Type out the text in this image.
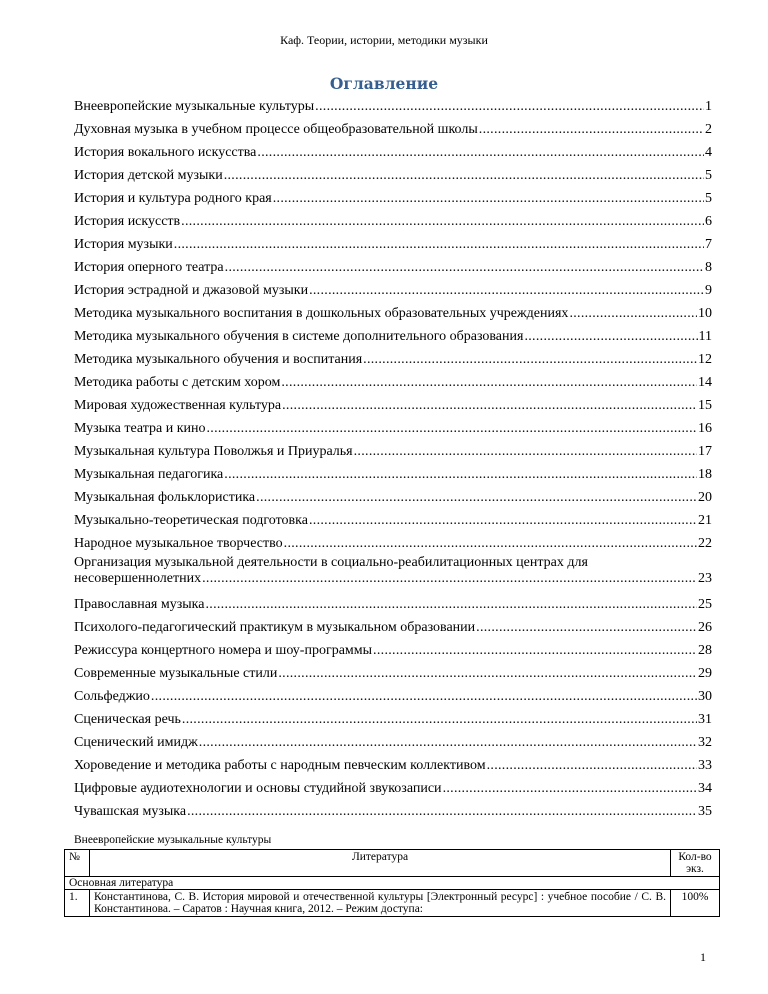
Каф. Теории, истории, методики музыки
Оглавление
Внеевропейские музыкальные культуры .....	1
Духовная музыка в учебном процессе общеобразовательной школы .....	2
История вокального искусства .....	4
История детской музыки .....	5
История и культура родного края .....	5
История искусств .....	6
История музыки .....	7
История оперного театра .....	8
История эстрадной и джазовой музыки .....	9
Методика музыкального воспитания в дошкольных образовательных учреждениях .....	10
Методика музыкального обучения в системе дополнительного образования .....	11
Методика музыкального обучения и воспитания .....	12
Методика работы с детским хором .....	14
Мировая художественная культура .....	15
Музыка театра и кино .....	16
Музыкальная культура Поволжья и Приуралья .....	17
Музыкальная педагогика .....	18
Музыкальная фольклористика .....	20
Музыкально-теоретическая подготовка .....	21
Народное музыкальное творчество .....	22
Организация музыкальной деятельности в социально-реабилитационных центрах для
несовершеннолетних .....	23
Православная музыка .....	25
Психолого-педагогический практикум в музыкальном образовании .....	26
Режиссура концертного номера и шоу-программы .....	28
Современные музыкальные стили .....	29
Сольфеджио .....	30
Сценическая речь .....	31
Сценический имидж .....	32
Хороведение и методика работы с народным певческим коллективом .....	33
Цифровые аудиотехнологии и основы студийной звукозаписи .....	34
Чувашская музыка .....	35
Внеевропейские музыкальные культуры
№	Литература	Кол-во экз.
Основная литература		
1.	Константинова, С. В. История мировой и отечественной культуры [Электронный ресурс] : учебное пособие / С. В. Константинова. – Саратов : Научная книга, 2012. – Режим доступа:	100%
1
